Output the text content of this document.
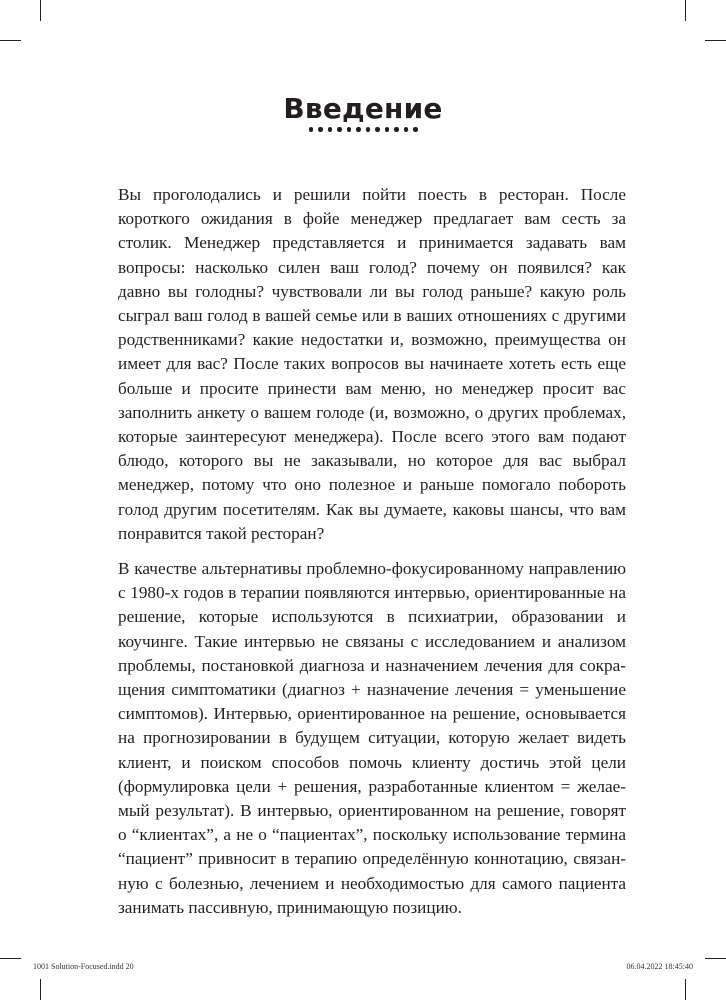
Введение

Вы проголодались и решили пойти поесть в ресторан. После короткого ожидания в фойе менеджер предлагает вам сесть за столик. Менеджер представляется и принимается задавать вам вопросы: насколько силен ваш голод? почему он появился? как давно вы голодны? чувствовали ли вы голод раньше? какую роль сыграл ваш голод в вашей семье или в ваших отношениях с другими родственниками? какие недостатки и, возможно, преимущества он имеет для вас? После таких вопросов вы начинаете хотеть есть еще больше и просите принести вам меню, но менеджер просит вас заполнить анкету о вашем голоде (и, возможно, о других проблемах, которые заинтересуют менеджера). После всего этого вам подают блюдо, которого вы не заказывали, но которое для вас выбрал менеджер, потому что оно полезное и раньше помогало побороть голод другим посетителям. Как вы думаете, каковы шансы, что вам понравится такой ресторан?

В качестве альтернативы проблемно-фокусированному направлению с 1980-х годов в терапии появляются интервью, ориентированные на решение, которые используются в психиатрии, образовании и коучинге. Такие интервью не связаны с исследованием и анализом проблемы, постановкой диагноза и назначением лечения для сокращения симптоматики (диагноз + назначение лечения = уменьшение симптомов). Интервью, ориентированное на решение, основывается на прогнозировании в будущем ситуации, которую желает видеть клиент, и поиском способов помочь клиенту достичь этой цели (формулировка цели + решения, разработанные клиентом = желаемый результат). В интервью, ориентированном на решение, говорят о “клиентах”, а не о “пациентах”, поскольку использование термина “пациент” привносит в терапию определённую коннотацию, связанную с болезнью, лечением и необходимостью для самого пациента занимать пассивную, принимающую позицию.

1001 Solution-Focused.indd 20	06.04.2022 18:45:40
